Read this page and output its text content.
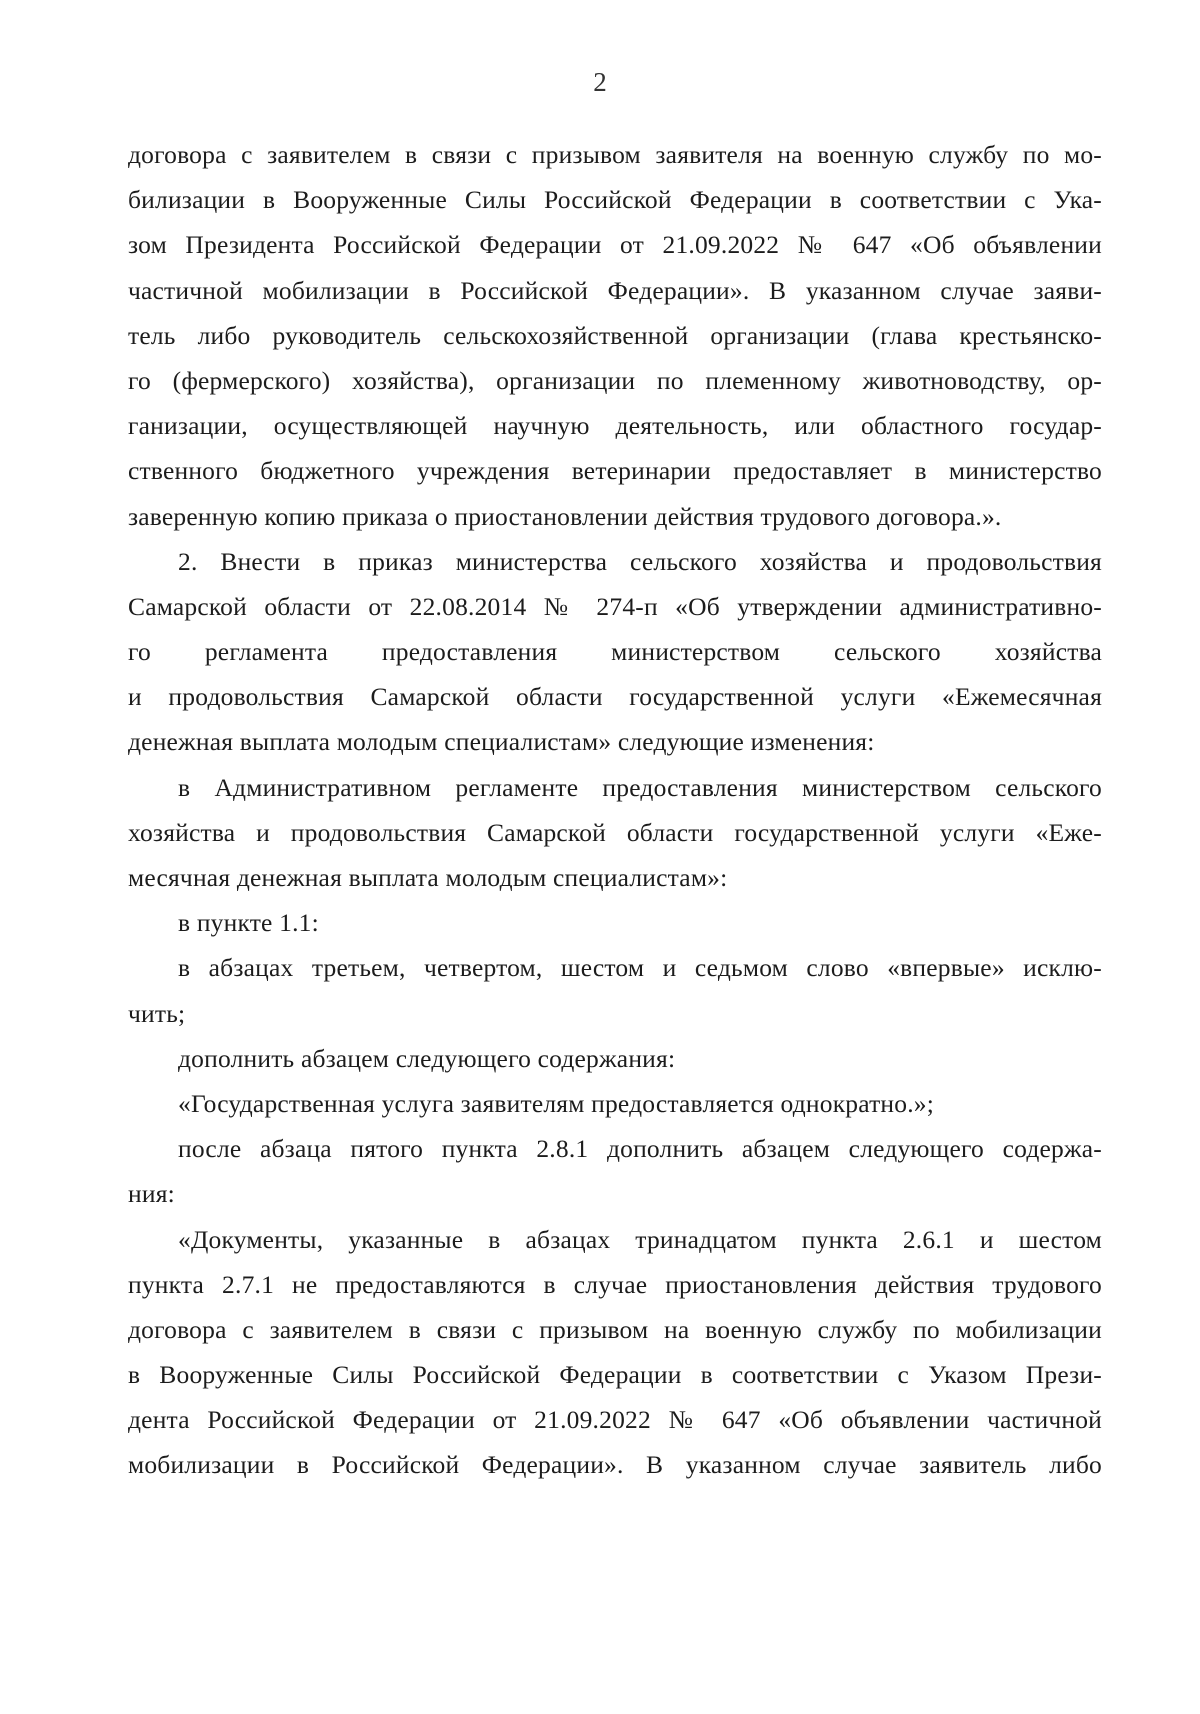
2
договора с заявителем в связи с призывом заявителя на военную службу по мо-
билизации в Вооруженные Силы Российской Федерации в соответствии с Ука-
зом Президента Российской Федерации от 21.09.2022 № 647 «Об объявлении
частичной мобилизации в Российской Федерации». В указанном случае заяви-
тель либо руководитель сельскохозяйственной организации (глава крестьянско-
го (фермерского) хозяйства), организации по племенному животноводству, ор-
ганизации, осуществляющей научную деятельность, или областного государ-
ственного бюджетного учреждения ветеринарии предоставляет в министерство
заверенную копию приказа о приостановлении действия трудового договора.».
2. Внести в приказ министерства сельского хозяйства и продовольствия
Самарской области от 22.08.2014 № 274-п «Об утверждении административно-
го регламента предоставления министерством сельского хозяйства
и продовольствия Самарской области государственной услуги «Ежемесячная
денежная выплата молодым специалистам» следующие изменения:
в Административном регламенте предоставления министерством сельского
хозяйства и продовольствия Самарской области государственной услуги «Еже-
месячная денежная выплата молодым специалистам»:
в пункте 1.1:
в абзацах третьем, четвертом, шестом и седьмом слово «впервые» исклю-
чить;
дополнить абзацем следующего содержания:
«Государственная услуга заявителям предоставляется однократно.»;
после абзаца пятого пункта 2.8.1 дополнить абзацем следующего содержа-
ния:
«Документы, указанные в абзацах тринадцатом пункта 2.6.1 и шестом
пункта 2.7.1 не предоставляются в случае приостановления действия трудового
договора с заявителем в связи с призывом на военную службу по мобилизации
в Вооруженные Силы Российской Федерации в соответствии с Указом Прези-
дента Российской Федерации от 21.09.2022 № 647 «Об объявлении частичной
мобилизации в Российской Федерации». В указанном случае заявитель либо
